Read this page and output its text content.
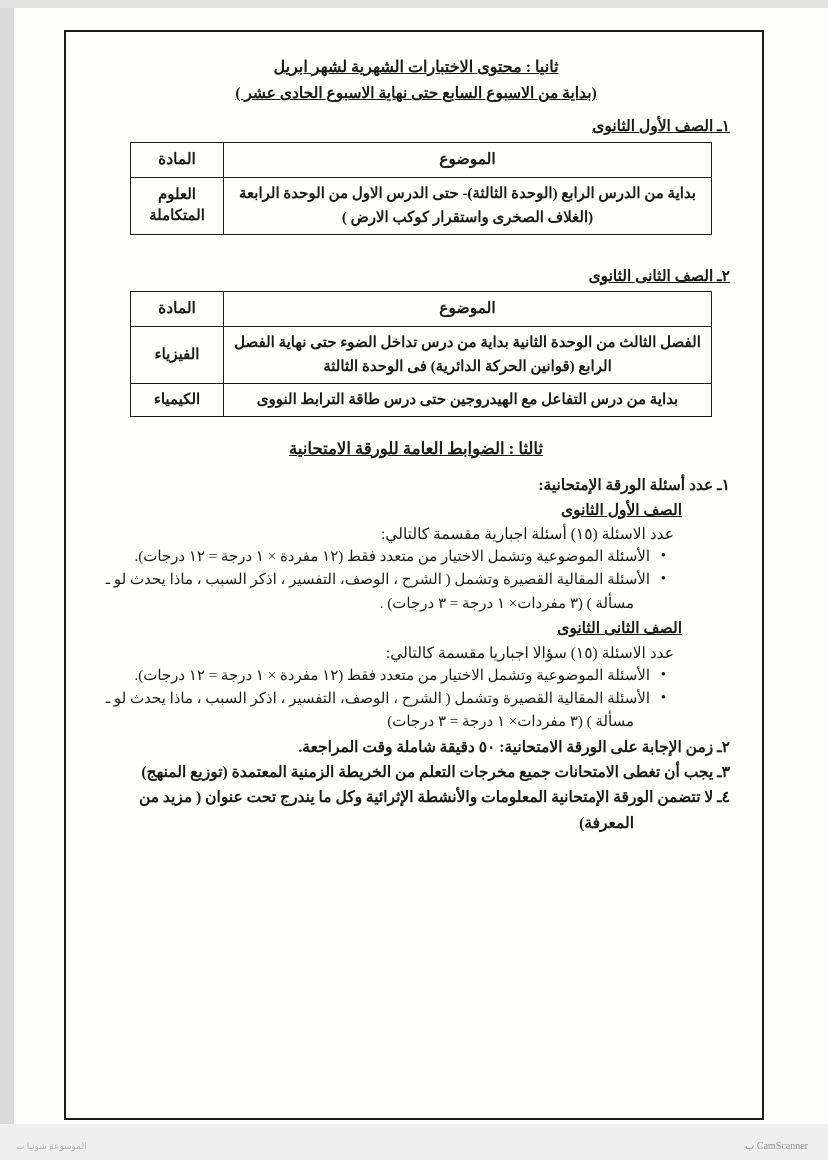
ثانيا : محتوى الاختبارات الشهرية لشهر ابريل
(بداية من الاسبوع السابع حتى نهاية الاسبوع الحادى عشر )
١ـ الصف الأول الثانوى
الموضوع	المادة
بداية من الدرس الرابع (الوحدة الثالثة)- حتى الدرس الاول من الوحدة الرابعة
(الغلاف الصخرى واستقرار كوكب الارض )	العلوم المتكاملة
٢ـ الصف الثانى الثانوى
الموضوع	المادة
الفصل الثالث من الوحدة الثانية بداية من درس تداخل الضوء حتى نهاية الفصل
الرابع (قوانين الحركة الدائرية) فى الوحدة الثالثة	الفيزياء
بداية من درس التفاعل مع الهيدروجين حتى درس طاقة الترابط النووى	الكيمياء
ثالثا : الضوابط العامة للورقة الامتحانية
١ـ عدد أسئلة الورقة الإمتحانية:
الصف الأول الثانوى
عدد الاسئلة (١٥) أسئلة اجبارية مقسمة كالتالي:
• الأسئلة الموضوعية وتشمل الاختيار من متعدد فقط (١٢ مفردة × ١ درجة = ١٢ درجات).
• الأسئلة المقالية القصيرة وتشمل ( الشرح ، الوصف، التفسير ، اذكر السبب ، ماذا يحدث لو ـ
مسألة ) (٣ مفردات× ١ درجة = ٣ درجات) .
الصف الثانى الثانوى
عدد الاسئلة (١٥) سؤالا اجباريا مقسمة كالتالي:
• الأسئلة الموضوعية وتشمل الاختيار من متعدد فقط (١٢ مفردة × ١ درجة = ١٢ درجات).
• الأسئلة المقالية القصيرة وتشمل ( الشرح ، الوصف، التفسير ، اذكر السبب ، ماذا يحدث لو ـ
مسألة ) (٣ مفردات× ١ درجة = ٣ درجات)
٢ـ زمن الإجابة على الورقة الامتحانية: ٥٠ دقيقة شاملة وقت المراجعة.
٣ـ يجب أن تغطى الامتحانات جميع مخرجات التعلم من الخريطة الزمنية المعتمدة (توزيع المنهج)
٤ـ لا تتضمن الورقة الإمتحانية المعلومات والأنشطة الإثرائية وكل ما يندرج تحت عنوان ( مزيد من
المعرفة)
CamScanner ب
الموسوعة شوتيا ب
